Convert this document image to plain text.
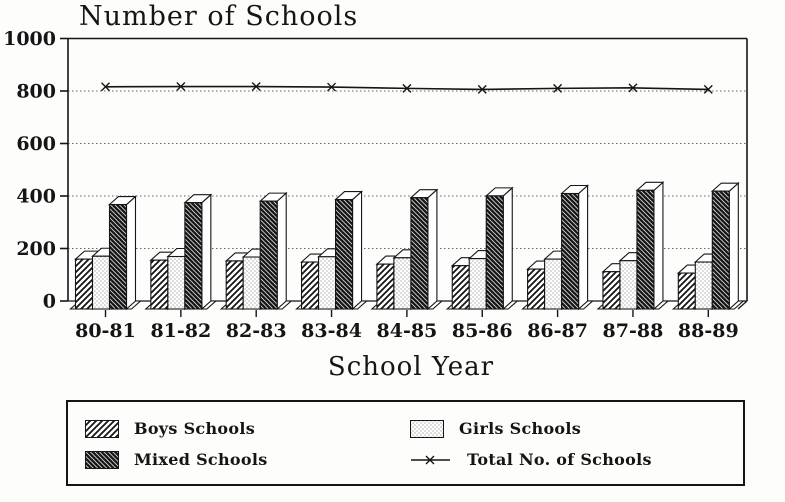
Number of Schools
0
200
400
600
800
1000
80-81 81-82 82-83 83-84 84-85 85-86 86-87 87-88 88-89
School Year
Boys Schools	Girls Schools
Mixed Schools	Total No. of Schools
